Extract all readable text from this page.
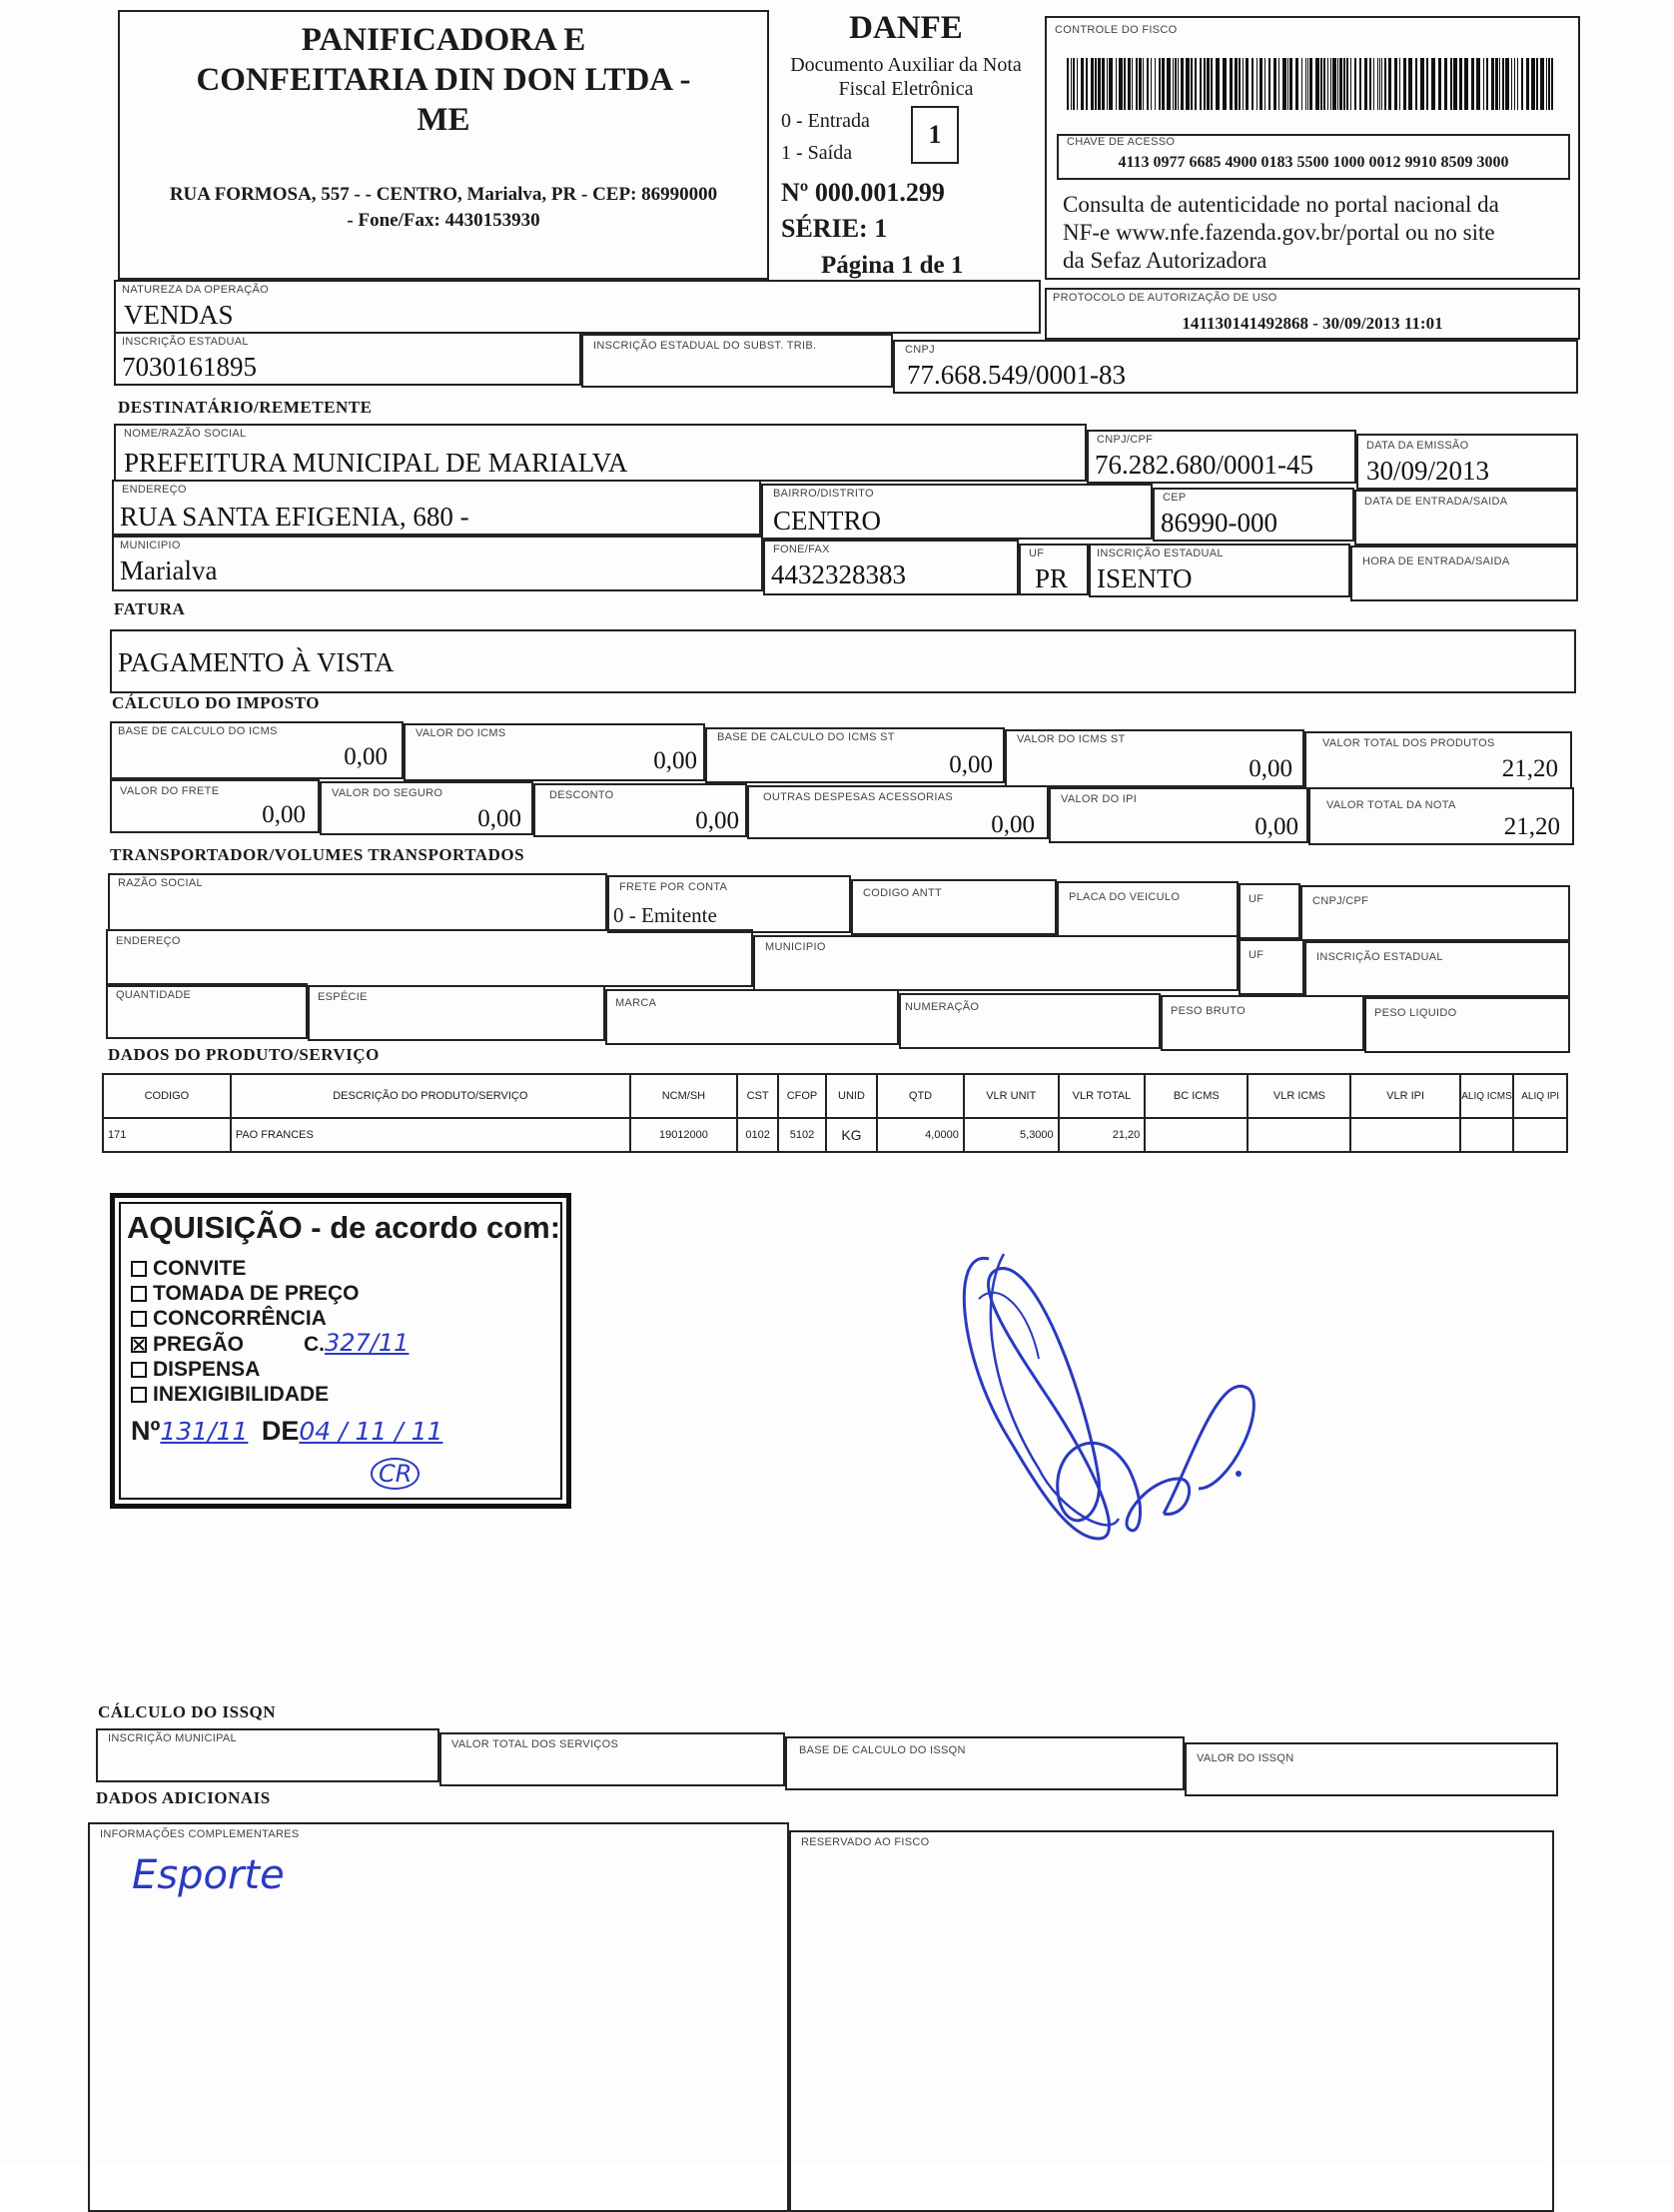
PANIFICADORA E
CONFEITARIA DIN DON LTDA -
ME
RUA FORMOSA, 557 - - CENTRO, Marialva, PR - CEP: 86990000
- Fone/Fax: 4430153930
DANFE
Documento Auxiliar da Nota
Fiscal Eletrônica
0 - Entrada
1 - Saída
1
Nº 000.001.299
SÉRIE: 1
Página 1 de 1
CONTROLE DO FISCO
CHAVE DE ACESSO
4113 0977 6685 4900 0183 5500 1000 0012 9910 8509 3000
Consulta de autenticidade no portal nacional da
NF-e www.nfe.fazenda.gov.br/portal ou no site
da Sefaz Autorizadora
NATUREZA DA OPERAÇÃO
VENDAS
PROTOCOLO DE AUTORIZAÇÃO DE USO
141130141492868 - 30/09/2013 11:01
INSCRIÇÃO ESTADUAL
7030161895
INSCRIÇÃO ESTADUAL DO SUBST. TRIB.	CNPJ
77.668.549/0001-83
DESTINATÁRIO/REMETENTE
NOME/RAZÃO SOCIAL
PREFEITURA MUNICIPAL DE MARIALVA
CNPJ/CPF
76.282.680/0001-45
DATA DA EMISSÃO
30/09/2013
ENDEREÇO
RUA SANTA EFIGENIA, 680 -
BAIRRO/DISTRITO
CENTRO
CEP
86990-000
DATA DE ENTRADA/SAIDA
MUNICIPIO
Marialva
FONE/FAX
4432328383
UF
PR
INSCRIÇÃO ESTADUAL
ISENTO
HORA DE ENTRADA/SAIDA
FATURA
PAGAMENTO À VISTA
CÁLCULO DO IMPOSTO
BASE DE CALCULO DO ICMS
0,00
VALOR DO ICMS
0,00
BASE DE CALCULO DO ICMS ST
0,00
VALOR DO ICMS ST
0,00
VALOR TOTAL DOS PRODUTOS
21,20
VALOR DO FRETE
0,00
VALOR DO SEGURO
0,00
DESCONTO
0,00
OUTRAS DESPESAS ACESSORIAS
0,00
VALOR DO IPI
0,00
VALOR TOTAL DA NOTA
21,20
TRANSPORTADOR/VOLUMES TRANSPORTADOS
RAZÃO SOCIAL	FRETE POR CONTA
0 - Emitente
CODIGO ANTT	PLACA DO VEICULO	UF	CNPJ/CPF
ENDEREÇO	MUNICIPIO
UF	INSCRIÇÃO ESTADUAL
QUANTIDADE	ESPÉCIE	MARCA	NUMERAÇÃO	PESO BRUTO	PESO LIQUIDO
DADOS DO PRODUTO/SERVIÇO
CODIGO	DESCRIÇÃO DO PRODUTO/SERVIÇO	NCM/SH	CST	CFOP	UNID	QTD	VLR UNIT	VLR TOTAL	BC ICMS	VLR ICMS	VLR IPI	ALIQ ICMS	ALIQ IPI
171	PAO FRANCES	19012000	0102	5102	KG	4,0000	5,3000	21,20					
AQUISIÇÃO - de acordo com:
CONVITE
TOMADA DE PREÇO
CONCORRÊNCIA
PREGÃO	C.327/11
DISPENSA
INEXIGIBILIDADE
Nº131/11 DE04 / 11 / 11
CR
CÁLCULO DO ISSQN
INSCRIÇÃO MUNICIPAL	VALOR TOTAL DOS SERVIÇOS	BASE DE CALCULO DO ISSQN
VALOR DO ISSQN
DADOS ADICIONAIS
INFORMAÇÕES COMPLEMENTARES
Esporte
RESERVADO AO FISCO
